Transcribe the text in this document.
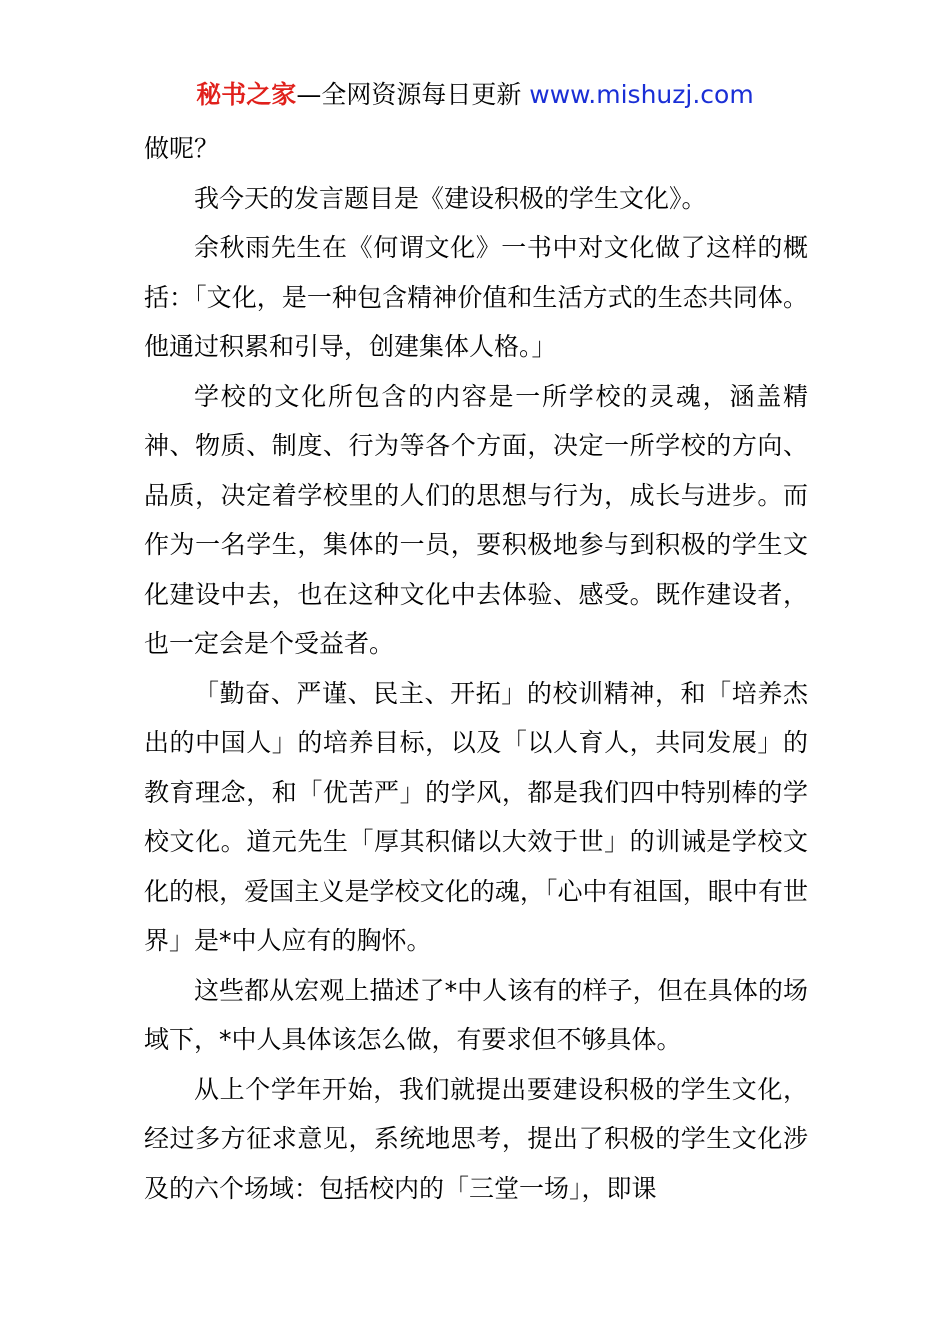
秘书之家—全网资源每日更新 www.mishuzj.com

做呢？

我今天的发言题目是《建设积极的学生文化》。

余秋雨先生在《何谓文化》一书中对文化做了这样的概括：「文化，是一种包含精神价值和生活方式的生态共同体。他通过积累和引导，创建集体人格。」

学校的文化所包含的内容是一所学校的灵魂，涵盖精神、物质、制度、行为等各个方面，决定一所学校的方向、品质，决定着学校里的人们的思想与行为，成长与进步。而作为一名学生，集体的一员，要积极地参与到积极的学生文化建设中去，也在这种文化中去体验、感受。既作建设者，也一定会是个受益者。

「勤奋、严谨、民主、开拓」的校训精神，和「培养杰出的中国人」的培养目标，以及「以人育人，共同发展」的教育理念，和「优苦严」的学风，都是我们四中特别棒的学校文化。道元先生「厚其积储以大效于世」的训诫是学校文化的根，爱国主义是学校文化的魂，「心中有祖国，眼中有世界」是*中人应有的胸怀。

这些都从宏观上描述了*中人该有的样子，但在具体的场域下，*中人具体该怎么做，有要求但不够具体。

从上个学年开始，我们就提出要建设积极的学生文化，经过多方征求意见，系统地思考，提出了积极的学生文化涉及的六个场域：包括校内的「三堂一场」，即课
